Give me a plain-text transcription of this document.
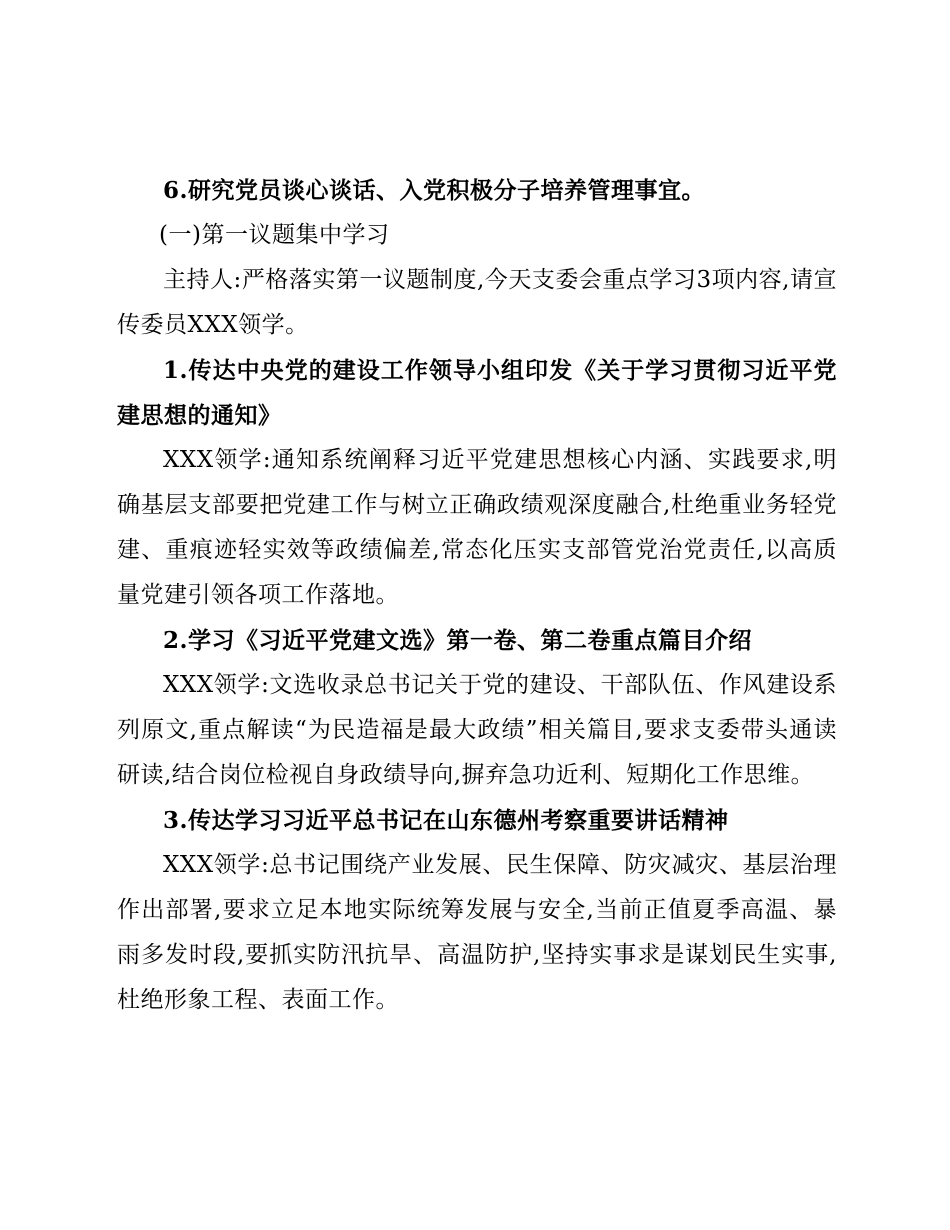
6.研究党员谈心谈话、入党积极分子培养管理事宜。

(一)第一议题集中学习

主持人:严格落实第一议题制度,今天支委会重点学习3项内容,请宣传委员XXX领学。

1.传达中央党的建设工作领导小组印发《关于学习贯彻习近平党建思想的通知》

XXX领学:通知系统阐释习近平党建思想核心内涵、实践要求,明确基层支部要把党建工作与树立正确政绩观深度融合,杜绝重业务轻党建、重痕迹轻实效等政绩偏差,常态化压实支部管党治党责任,以高质量党建引领各项工作落地。

2.学习《习近平党建文选》第一卷、第二卷重点篇目介绍

XXX领学:文选收录总书记关于党的建设、干部队伍、作风建设系列原文,重点解读“为民造福是最大政绩”相关篇目,要求支委带头通读研读,结合岗位检视自身政绩导向,摒弃急功近利、短期化工作思维。

3.传达学习习近平总书记在山东德州考察重要讲话精神

XXX领学:总书记围绕产业发展、民生保障、防灾减灾、基层治理作出部署,要求立足本地实际统筹发展与安全,当前正值夏季高温、暴雨多发时段,要抓实防汛抗旱、高温防护,坚持实事求是谋划民生实事,杜绝形象工程、表面工作。
